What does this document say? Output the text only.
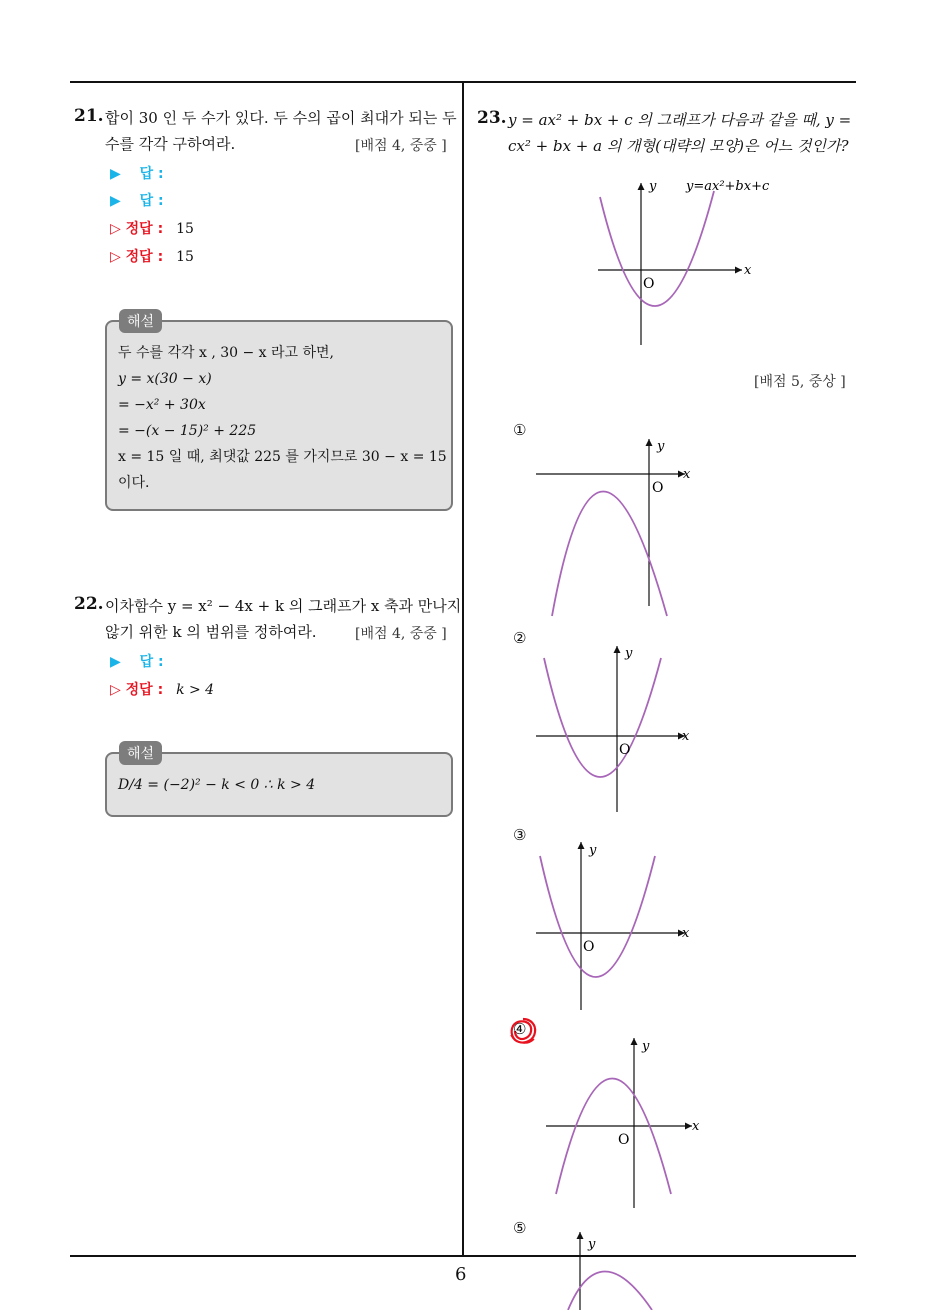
6
21. 합이 30 인 두 수가 있다. 두 수의 곱이 최대가 되는 두
수를 각각 구하여라.	[배점 4, 중중 ]
▶ 답 :
▶ 답 :
▷ 정답 : 15
▷ 정답 : 15
두 수를 각각 x , 30 − x 라고 하면,
y = x(30 − x)
= −x² + 30x
= −(x − 15)² + 225
x = 15 일 때, 최댓값 225 를 가지므로 30 − x = 15
이다.
해설
22. 이차함수 y = x² − 4x + k 의 그래프가 x 축과 만나지
않기 위한 k 의 범위를 정하여라.	[배점 4, 중중 ]
▶ 답 :
▷ 정답 : k > 4
D/4 = (−2)² − k < 0 ∴ k > 4
해설
23. y = ax² + bx + c 의 그래프가 다음과 같을 때, y =
cx² + bx + a 의 개형(대략의 모양)은 어느 것인가?
[배점 5, 중상 ]
x
y
O
y=ax²+bx+c
①
x
y
O
②
x
y
O
③
x
y
O
④
x
y
O
⑤
y
